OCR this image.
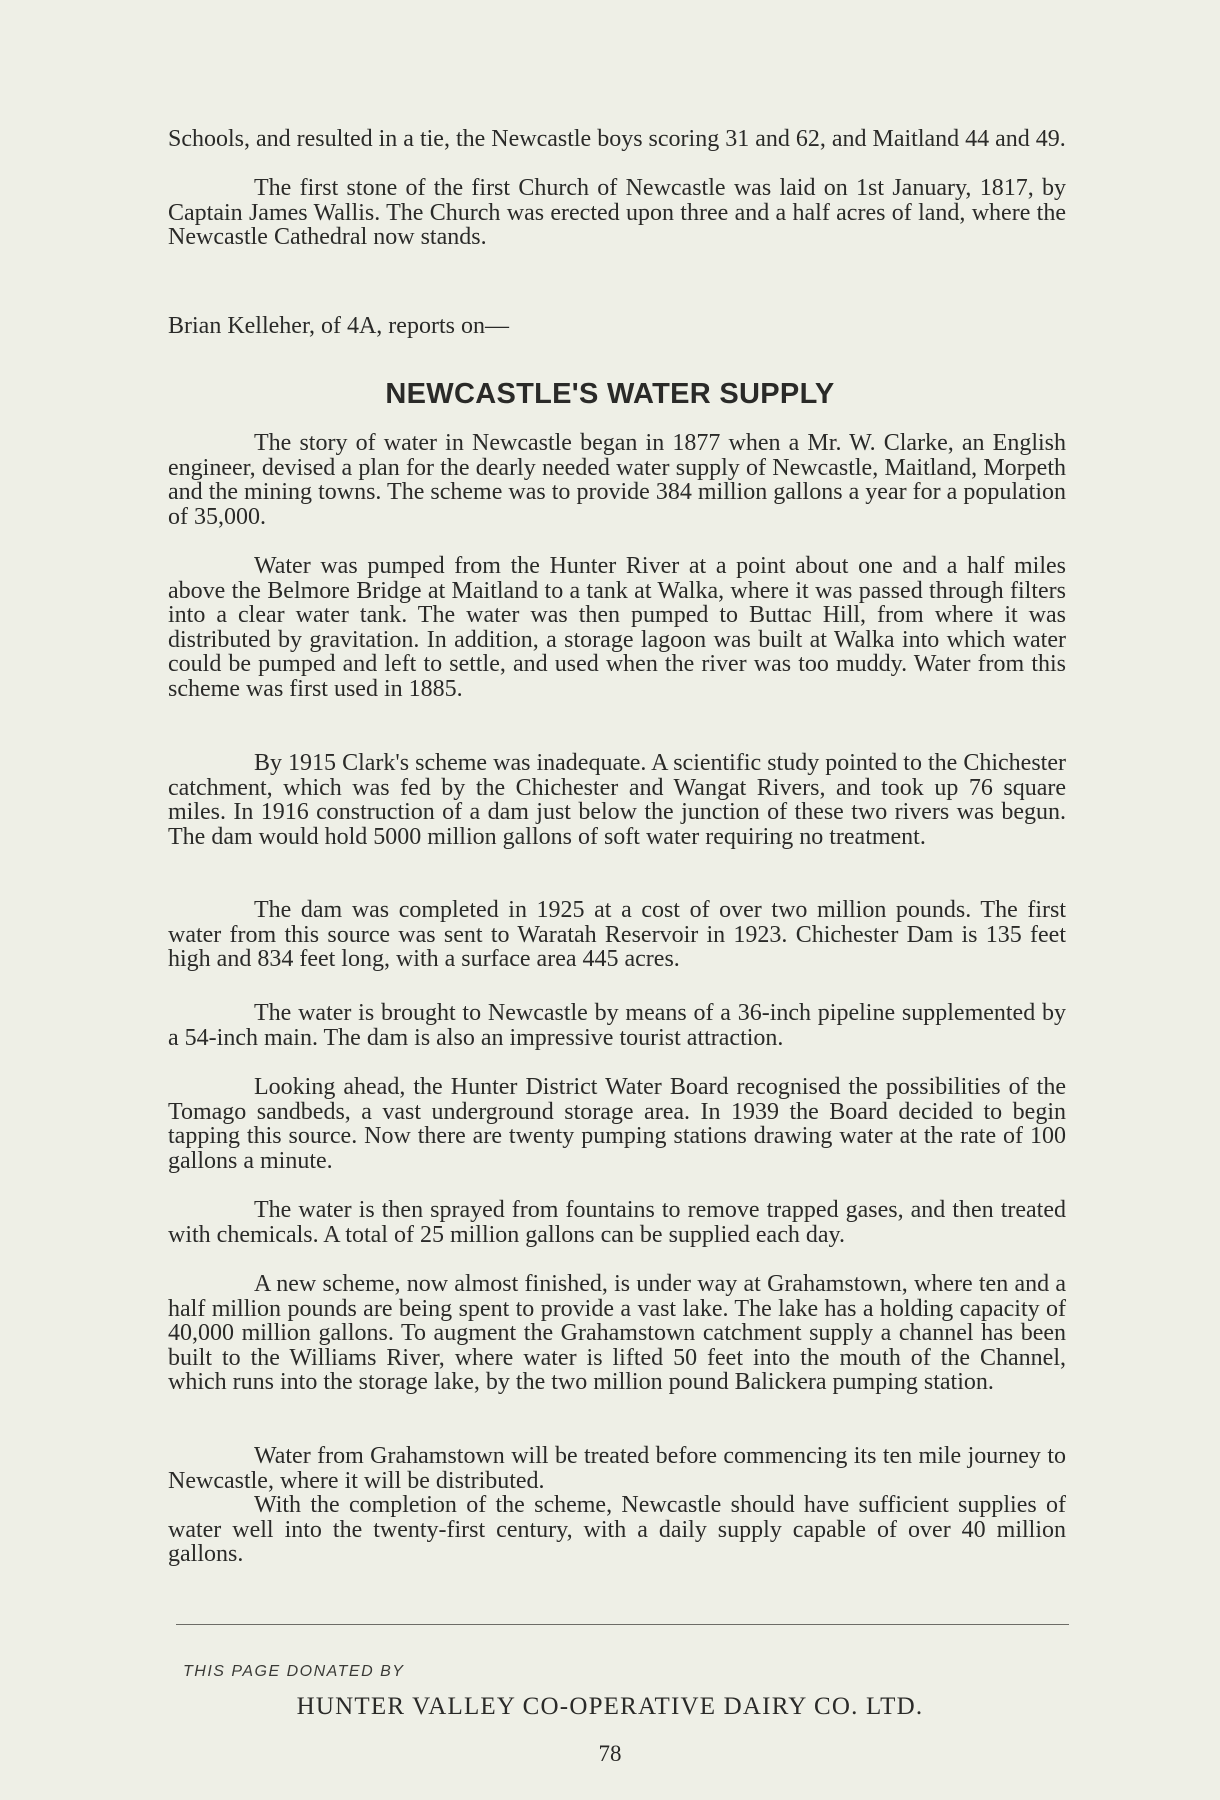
Schools, and resulted in a tie, the Newcastle boys scoring 31 and 62, and Maitland 44 and 49.

The first stone of the first Church of Newcastle was laid on 1st January, 1817, by Captain James Wallis. The Church was erected upon three and a half acres of land, where the Newcastle Cathedral now stands.

Brian Kelleher, of 4A, reports on—

NEWCASTLE'S WATER SUPPLY

The story of water in Newcastle began in 1877 when a Mr. W. Clarke, an English engineer, devised a plan for the dearly needed water supply of Newcastle, Maitland, Morpeth and the mining towns. The scheme was to provide 384 million gallons a year for a population of 35,000.

Water was pumped from the Hunter River at a point about one and a half miles above the Belmore Bridge at Maitland to a tank at Walka, where it was passed through filters into a clear water tank. The water was then pumped to Buttac Hill, from where it was distributed by gravitation. In addition, a storage lagoon was built at Walka into which water could be pumped and left to settle, and used when the river was too muddy. Water from this scheme was first used in 1885.

By 1915 Clark's scheme was inadequate. A scientific study pointed to the Chichester catchment, which was fed by the Chichester and Wangat Rivers, and took up 76 square miles. In 1916 construction of a dam just below the junction of these two rivers was begun. The dam would hold 5000 million gallons of soft water requiring no treatment.

The dam was completed in 1925 at a cost of over two million pounds. The first water from this source was sent to Waratah Reservoir in 1923. Chichester Dam is 135 feet high and 834 feet long, with a surface area 445 acres.

The water is brought to Newcastle by means of a 36-inch pipeline supplemented by a 54-inch main. The dam is also an impressive tourist attraction.

Looking ahead, the Hunter District Water Board recognised the possibilities of the Tomago sandbeds, a vast underground storage area. In 1939 the Board decided to begin tapping this source. Now there are twenty pumping stations drawing water at the rate of 100 gallons a minute.

The water is then sprayed from fountains to remove trapped gases, and then treated with chemicals. A total of 25 million gallons can be supplied each day.

A new scheme, now almost finished, is under way at Grahamstown, where ten and a half million pounds are being spent to provide a vast lake. The lake has a holding capacity of 40,000 million gallons. To augment the Grahamstown catchment supply a channel has been built to the Williams River, where water is lifted 50 feet into the mouth of the Channel, which runs into the storage lake, by the two million pound Balickera pumping station.

Water from Grahamstown will be treated before commencing its ten mile journey to Newcastle, where it will be distributed.

With the completion of the scheme, Newcastle should have sufficient supplies of water well into the twenty-first century, with a daily supply capable of over 40 million gallons.

THIS PAGE DONATED BY
HUNTER VALLEY CO-OPERATIVE DAIRY CO. LTD.
78
